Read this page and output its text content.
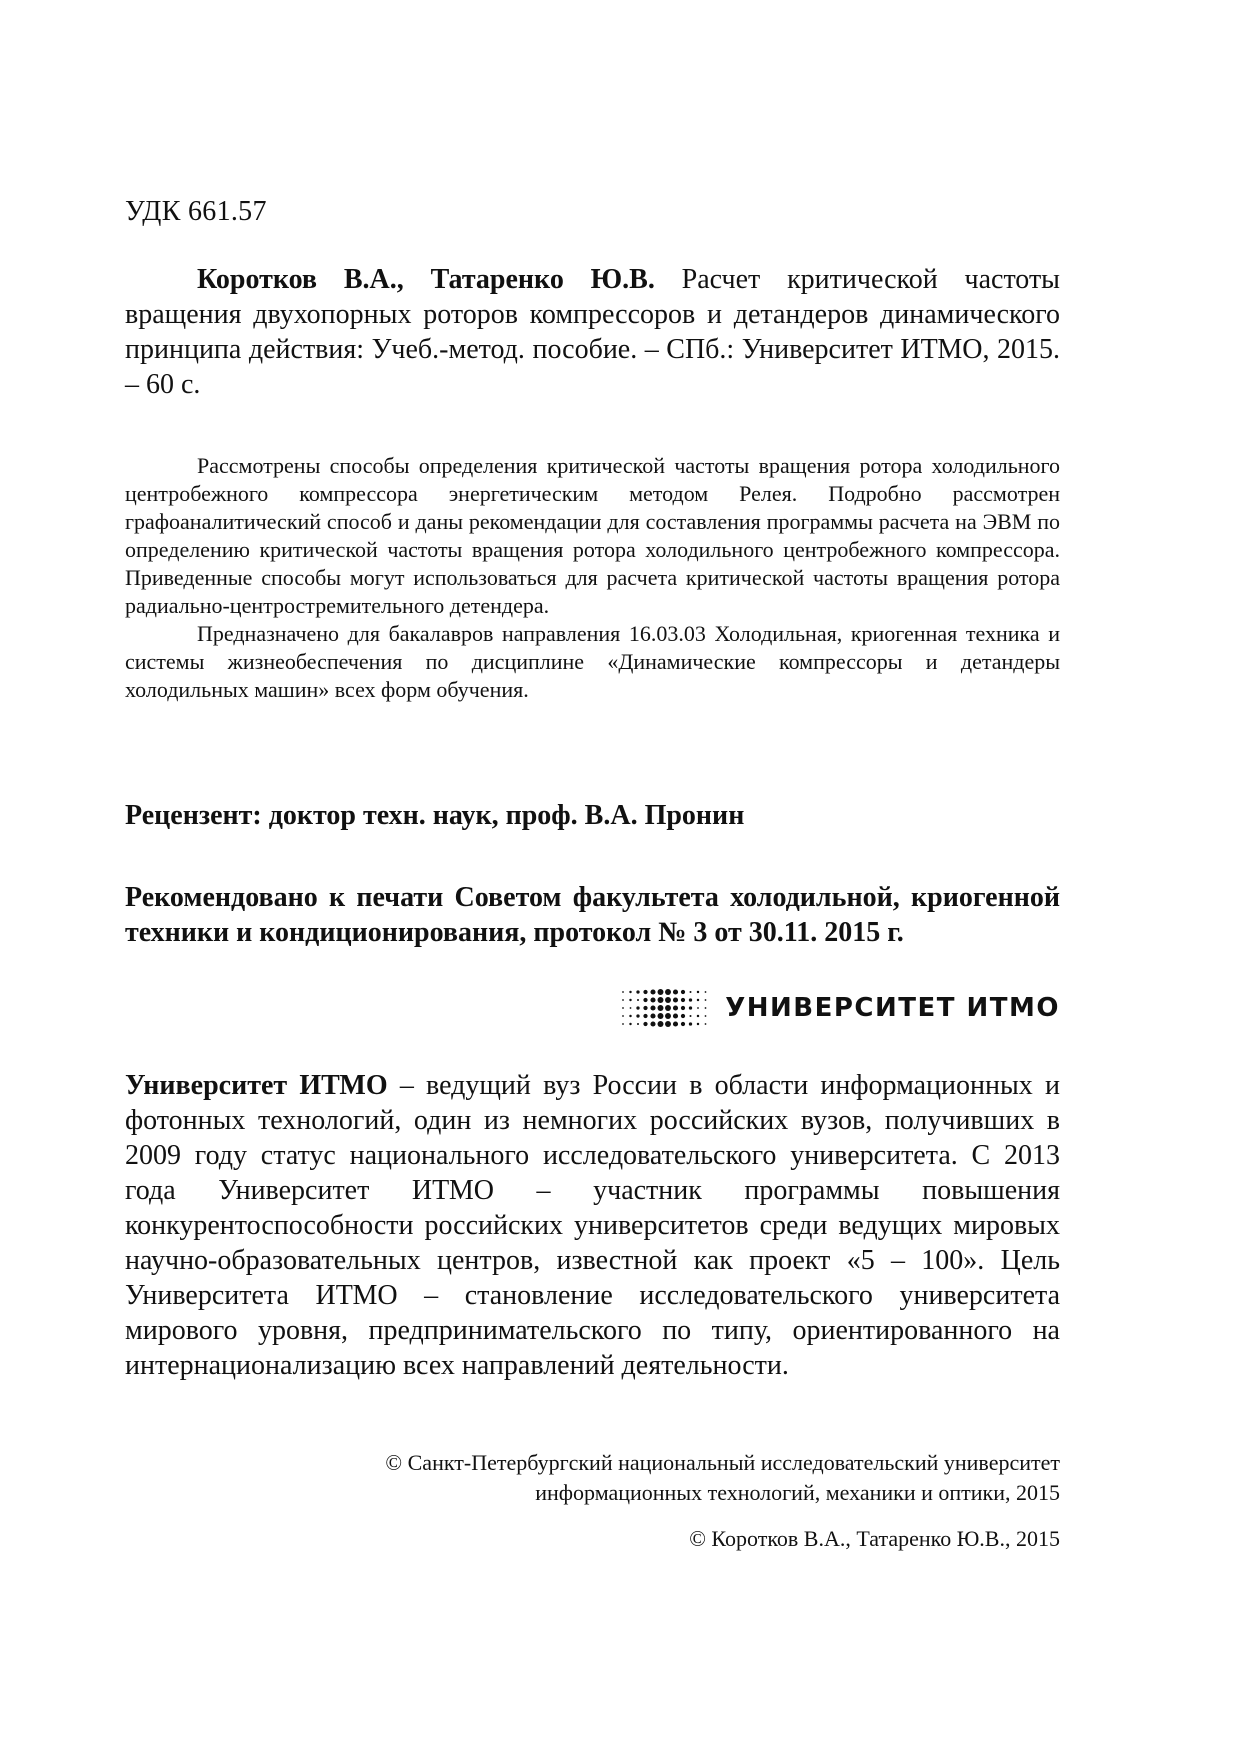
УДК 661.57
Коротков В.А., Татаренко Ю.В. Расчет критической частоты вращения двухопорных роторов компрессоров и детандеров динамического принципа действия: Учеб.-метод. пособие. – СПб.: Университет ИТМО, 2015. – 60 с.

Рассмотрены способы определения критической частоты вращения ротора холодильного центробежного компрессора энергетическим методом Релея. Подробно рассмотрен графоаналитический способ и даны рекомендации для составления программы расчета на ЭВМ по определению критической частоты вращения ротора холодильного центробежного компрессора. Приведенные способы могут использоваться для расчета критической частоты вращения ротора радиально-центростремительного детендера.

Предназначено для бакалавров направления 16.03.03 Холодильная, криогенная техника и системы жизнеобеспечения по дисциплине «Динамические компрессоры и детандеры холодильных машин» всех форм обучения.

Рецензент: доктор техн. наук, проф. В.А. Пронин
Рекомендовано к печати Советом факультета холодильной, криогенной техники и кондиционирования, протокол № 3 от 30.11. 2015 г.
УНИВЕРСИТЕТ ИТМО
Университет ИТМО – ведущий вуз России в области информационных и фотонных технологий, один из немногих российских вузов, получивших в 2009 году статус национального исследовательского университета. С 2013 года Университет ИТМО – участник программы повышения конкурентоспособности российских университетов среди ведущих мировых научно-образовательных центров, известной как проект «5 – 100». Цель Университета ИТМО – становление исследовательского университета мирового уровня, предпринимательского по типу, ориентированного на интернационализацию всех направлений деятельности.
© Санкт-Петербургский национальный исследовательский университет
информационных технологий, механики и оптики, 2015
© Коротков В.А., Татаренко Ю.В., 2015
